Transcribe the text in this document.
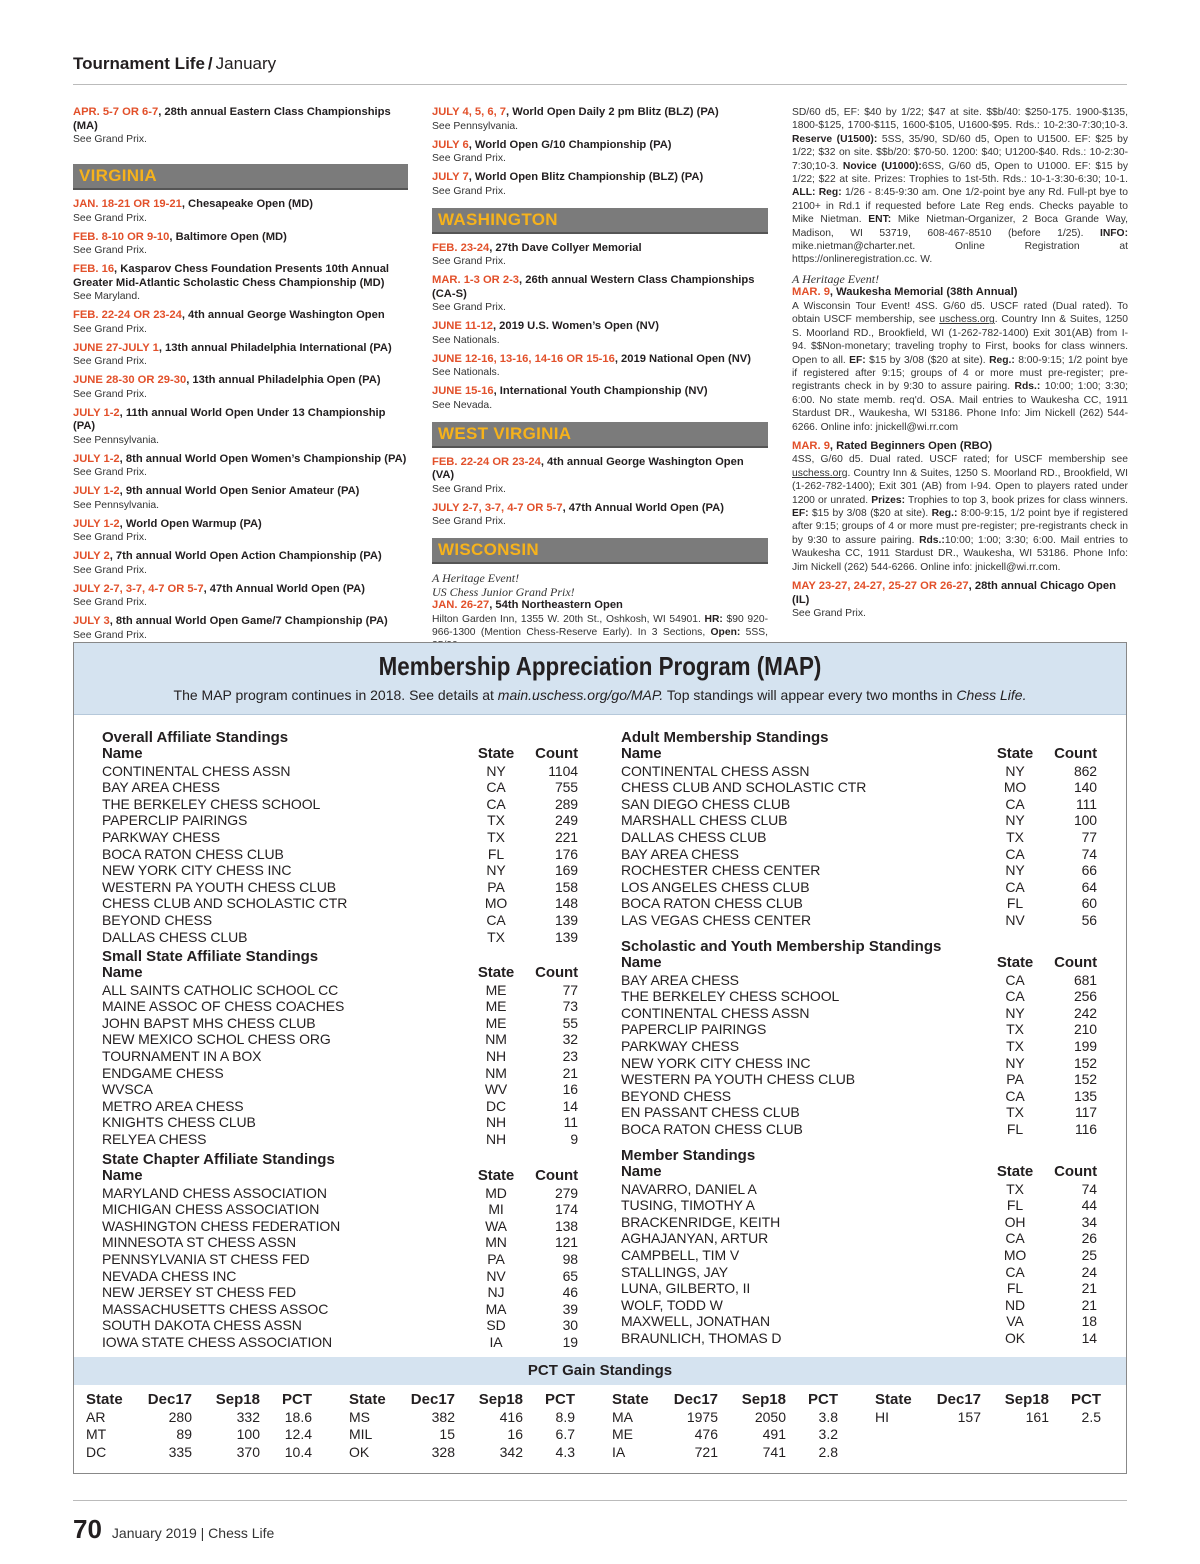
Tournament Life / January
APR. 5-7 OR 6-7, 28th annual Eastern Class Championships (MA)
See Grand Prix.
VIRGINIA
JAN. 18-21 OR 19-21, Chesapeake Open (MD)
See Grand Prix.
FEB. 8-10 OR 9-10, Baltimore Open (MD)
See Grand Prix.
FEB. 16, Kasparov Chess Foundation Presents 10th Annual Greater Mid-Atlantic Scholastic Chess Championship (MD)
See Maryland.
FEB. 22-24 OR 23-24, 4th annual George Washington Open
See Grand Prix.
JUNE 27-JULY 1, 13th annual Philadelphia International (PA)
See Grand Prix.
JUNE 28-30 OR 29-30, 13th annual Philadelphia Open (PA)
See Grand Prix.
JULY 1-2, 11th annual World Open Under 13 Championship (PA)
See Pennsylvania.
JULY 1-2, 8th annual World Open Women’s Championship (PA)
See Grand Prix.
JULY 1-2, 9th annual World Open Senior Amateur (PA)
See Pennsylvania.
JULY 1-2, World Open Warmup (PA)
See Grand Prix.
JULY 2, 7th annual World Open Action Championship (PA)
See Grand Prix.
JULY 2-7, 3-7, 4-7 OR 5-7, 47th Annual World Open (PA)
See Grand Prix.
JULY 3, 8th annual World Open Game/7 Championship (PA)
See Grand Prix.
JULY 4, 5, 6, 7, World Open Daily 2 pm Blitz (BLZ) (PA)
See Pennsylvania.
JULY 6, World Open G/10 Championship (PA)
See Grand Prix.
JULY 7, World Open Blitz Championship (BLZ) (PA)
See Grand Prix.
WASHINGTON
FEB. 23-24, 27th Dave Collyer Memorial
See Grand Prix.
MAR. 1-3 OR 2-3, 26th annual Western Class Championships (CA-S)
See Grand Prix.
JUNE 11-12, 2019 U.S. Women’s Open (NV)
See Nationals.
JUNE 12-16, 13-16, 14-16 OR 15-16, 2019 National Open (NV)
See Nationals.
JUNE 15-16, International Youth Championship (NV)
See Nevada.
WEST VIRGINIA
FEB. 22-24 OR 23-24, 4th annual George Washington Open (VA)
See Grand Prix.
JULY 2-7, 3-7, 4-7 OR 5-7, 47th Annual World Open (PA)
See Grand Prix.
WISCONSIN
A Heritage Event!
US Chess Junior Grand Prix!
JAN. 26-27, 54th Northeastern Open
Hilton Garden Inn, 1355 W. 20th St., Oshkosh, WI 54901. HR: $90 920-966-1300 (Mention Chess-Reserve Early). In 3 Sections, Open: 5SS,
SD/60 d5, EF: $40 by 1/22; $47 at site. $$b/40: $250-175. 1900-$135, 1800-$125, 1700-$115, 1600-$105, U1600-$95. Rds.: 10-2:30-7:30;10-3. Reserve (U1500): 5SS, 35/90, SD/60 d5, Open to U1500. EF: $25 by 1/22; $32 on site. $$b/20: $70-50. 1200: $40; U1200-$40. Rds.: 10-2:30-7:30;10-3. Novice (U1000):6SS, G/60 d5, Open to U1000. EF: $15 by 1/22; $22 at site. Prizes: Trophies to 1st-5th. Rds.: 10-1-3:30-6:30; 10-1. ALL: Reg: 1/26 - 8:45-9:30 am. One 1/2-point bye any Rd. Full-pt bye to 2100+ in Rd.1 if requested before Late Reg ends. Checks payable to Mike Nietman. ENT: Mike Nietman-Organizer, 2 Boca Grande Way, Madison, WI 53719, 608-467-8510 (before 1/25). INFO: mike.nietman@charter.net. Online Registration at https://onlineregistration.cc. W.
A Heritage Event!
MAR. 9, Waukesha Memorial (38th Annual)
A Wisconsin Tour Event! 4SS. G/60 d5. USCF rated (Dual rated). To obtain USCF membership, see uschess.org. Country Inn & Suites, 1250 S. Moorland RD., Brookfield, WI (1-262-782-1400) Exit 301(AB) from I-94. $$Non-monetary; traveling trophy to First, books for class winners. Open to all. EF: $15 by 3/08 ($20 at site). Reg.: 8:00-9:15; 1/2 point bye if registered after 9:15; groups of 4 or more must pre-register; pre-registrants check in by 9:30 to assure pairing. Rds.: 10:00; 1:00; 3:30; 6:00. No state memb. req'd. OSA. Mail entries to Waukesha CC, 1911 Stardust DR., Waukesha, WI 53186. Phone Info: Jim Nickell (262) 544-6266. Online info: jnickell@wi.rr.com
MAR. 9, Rated Beginners Open (RBO)
4SS, G/60 d5. Dual rated. USCF rated; for USCF membership see uschess.org. Country Inn & Suites, 1250 S. Moorland RD., Brookfield, WI (1-262-782-1400); Exit 301 (AB) from I-94. Open to players rated under 1200 or unrated. Prizes: Trophies to top 3, book prizes for class winners. EF: $15 by 3/08 ($20 at site). Reg.: 8:00-9:15, 1/2 point bye if registered after 9:15; groups of 4 or more must pre-register; pre-registrants check in by 9:30 to assure pairing. Rds.:10:00; 1:00; 3:30; 6:00. Mail entries to Waukesha CC, 1911 Stardust DR., Waukesha, WI 53186. Phone Info: Jim Nickell (262) 544-6266. Online info: jnickell@wi.rr.com.
MAY 23-27, 24-27, 25-27 OR 26-27, 28th annual Chicago Open (IL)
See Grand Prix.
Membership Appreciation Program (MAP)
The MAP program continues in 2018. See details at main.uschess.org/go/MAP. Top standings will appear every two months in Chess Life.
Overall Affiliate Standings
Name	State	Count
CONTINENTAL CHESS ASSN	NY	1104
BAY AREA CHESS	CA	755
THE BERKELEY CHESS SCHOOL	CA	289
PAPERCLIP PAIRINGS	TX	249
PARKWAY CHESS	TX	221
BOCA RATON CHESS CLUB	FL	176
NEW YORK CITY CHESS INC	NY	169
WESTERN PA YOUTH CHESS CLUB	PA	158
CHESS CLUB AND SCHOLASTIC CTR	MO	148
BEYOND CHESS	CA	139
DALLAS CHESS CLUB	TX	139
Small State Affiliate Standings
Name	State	Count
ALL SAINTS CATHOLIC SCHOOL CC	ME	77
MAINE ASSOC OF CHESS COACHES	ME	73
JOHN BAPST MHS CHESS CLUB	ME	55
NEW MEXICO SCHOL CHESS ORG	NM	32
TOURNAMENT IN A BOX	NH	23
ENDGAME CHESS	NM	21
WVSCA	WV	16
METRO AREA CHESS	DC	14
KNIGHTS CHESS CLUB	NH	11
RELYEA CHESS	NH	9
State Chapter Affiliate Standings
Name	State	Count
MARYLAND CHESS ASSOCIATION	MD	279
MICHIGAN CHESS ASSOCIATION	MI	174
WASHINGTON CHESS FEDERATION	WA	138
MINNESOTA ST CHESS ASSN	MN	121
PENNSYLVANIA ST CHESS FED	PA	98
NEVADA CHESS INC	NV	65
NEW JERSEY ST CHESS FED	NJ	46
MASSACHUSETTS CHESS ASSOC	MA	39
SOUTH DAKOTA CHESS ASSN	SD	30
IOWA STATE CHESS ASSOCIATION	IA	19
Adult Membership Standings
Name	State	Count
CONTINENTAL CHESS ASSN	NY	862
CHESS CLUB AND SCHOLASTIC CTR	MO	140
SAN DIEGO CHESS CLUB	CA	111
MARSHALL CHESS CLUB	NY	100
DALLAS CHESS CLUB	TX	77
BAY AREA CHESS	CA	74
ROCHESTER CHESS CENTER	NY	66
LOS ANGELES CHESS CLUB	CA	64
BOCA RATON CHESS CLUB	FL	60
LAS VEGAS CHESS CENTER	NV	56
Scholastic and Youth Membership Standings
Name	State	Count
BAY AREA CHESS	CA	681
THE BERKELEY CHESS SCHOOL	CA	256
CONTINENTAL CHESS ASSN	NY	242
PAPERCLIP PAIRINGS	TX	210
PARKWAY CHESS	TX	199
NEW YORK CITY CHESS INC	NY	152
WESTERN PA YOUTH CHESS CLUB	PA	152
BEYOND CHESS	CA	135
EN PASSANT CHESS CLUB	TX	117
BOCA RATON CHESS CLUB	FL	116
Member Standings
Name	State	Count
NAVARRO, DANIEL A	TX	74
TUSING, TIMOTHY A	FL	44
BRACKENRIDGE, KEITH	OH	34
AGHAJANYAN, ARTUR	CA	26
CAMPBELL, TIM V	MO	25
STALLINGS, JAY	CA	24
LUNA, GILBERTO, II	FL	21
WOLF, TODD W	ND	21
MAXWELL, JONATHAN	VA	18
BRAUNLICH, THOMAS D	OK	14
PCT Gain Standings
State	Dec17	Sep18	PCT
AR	280	332	18.6
MT	89	100	12.4
DC	335	370	10.4
State	Dec17	Sep18	PCT
MS	382	416	8.9
MIL	15	16	6.7
OK	328	342	4.3
State	Dec17	Sep18	PCT
MA	1975	2050	3.8
ME	476	491	3.2
IA	721	741	2.8
State	Dec17	Sep18	PCT
HI	157	161	2.5
70 January 2019 | Chess Life
